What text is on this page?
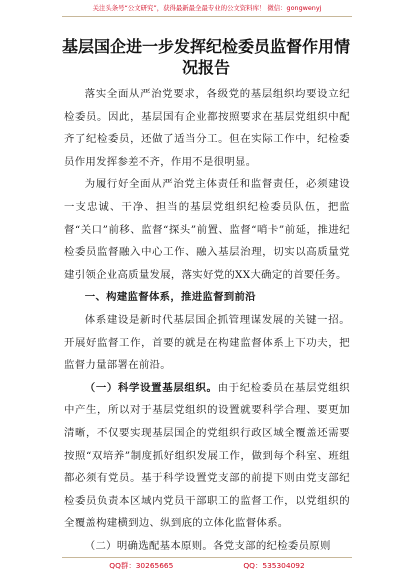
关注头条号“公文研究”，获得最新最全最专业的公文资料库！ 微信：gongwenyj
基层国企进一步发挥纪检委员监督作用情
况报告

落实全面从严治党要求，各级党的基层组织均要设立纪检委员。因此，基层国有企业都按照要求在基层党组织中配齐了纪检委员，还做了适当分工。但在实际工作中，纪检委员作用发挥参差不齐，作用不是很明显。

为履行好全面从严治党主体责任和监督责任，必须建设一支忠诚、干净、担当的基层党组织纪检委员队伍，把监督“关口”前移、监督“探头”前置、监督“哨卡”前延，推进纪检委员监督融入中心工作、融入基层治理，切实以高质量党建引领企业高质量发展，落实好党的XX大确定的首要任务。

一、构建监督体系，推进监督到前沿

体系建设是新时代基层国企抓管理谋发展的关键一招。开展好监督工作，首要的就是在构建监督体系上下功夫，把监督力量部署在前沿。

（一）科学设置基层组织。由于纪检委员在基层党组织中产生，所以对于基层党组织的设置就要科学合理、要更加清晰，不仅要实现基层国企的党组织行政区域全覆盖还需要按照“双培养”制度抓好组织发展工作，做到每个科室、班组都必须有党员。基于科学设置党支部的前提下则由党支部纪检委员负责本区域内党员干部职工的监督工作，以党组织的全覆盖构建横到边、纵到底的立体化监督体系。

（二）明确选配基本原则。各党支部的纪检委员原则

QQ群：30265665	QQ：535304092
